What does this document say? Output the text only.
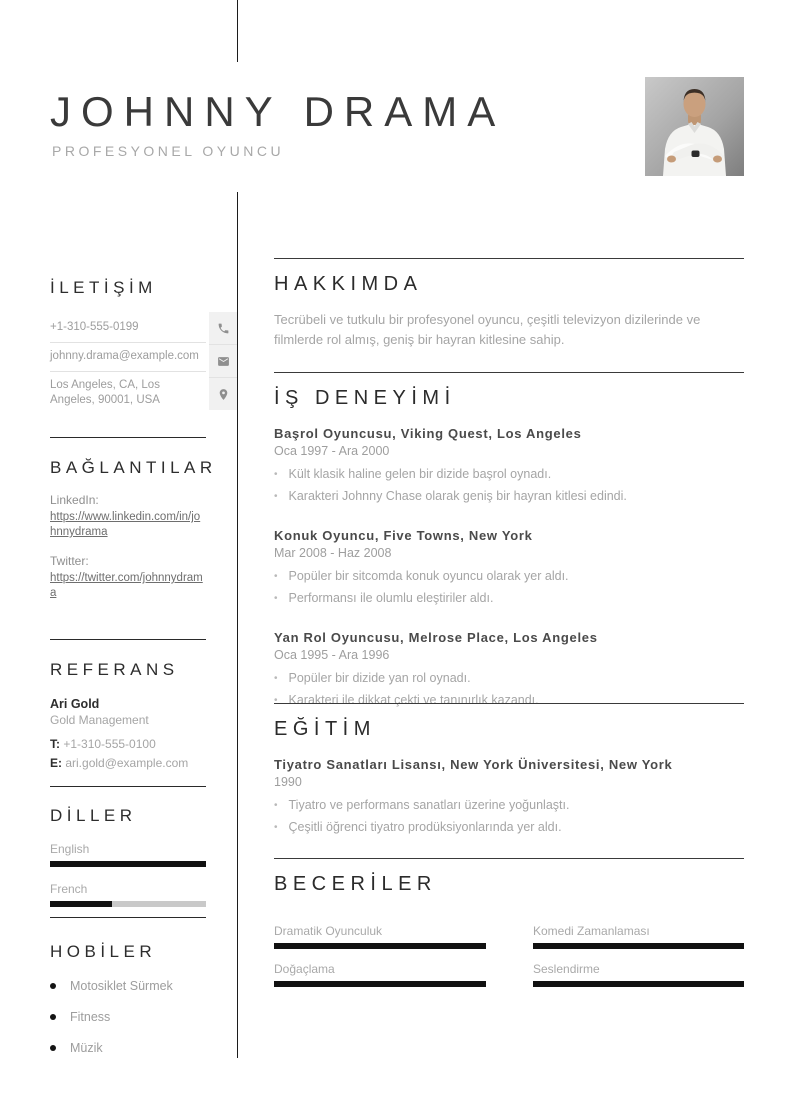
JOHNNY DRAMA
PROFESYONEL OYUNCU
İLETİŞİM
+1-310-555-0199
johnny.drama@example.com
Los Angeles, CA, Los Angeles, 90001, USA
BAĞLANTILAR
LinkedIn:
https://www.linkedin.com/in/johnnydrama
Twitter:
https://twitter.com/johnnydrama
REFERANS
Ari Gold
Gold Management
T: +1-310-555-0100
E: ari.gold@example.com
DİLLER
English
French
HOBİLER
Motosiklet Sürmek
Fitness
Müzik
HAKKIMDA

Tecrübeli ve tutkulu bir profesyonel oyuncu, çeşitli televizyon dizilerinde ve filmlerde rol almış, geniş bir hayran kitlesine sahip.

İŞ DENEYİMİ
Başrol Oyuncusu, Viking Quest, Los Angeles
Oca 1997 - Ara 2000
• Kült klasik haline gelen bir dizide başrol oynadı.
• Karakteri Johnny Chase olarak geniş bir hayran kitlesi edindi.
Konuk Oyuncu, Five Towns, New York
Mar 2008 - Haz 2008
• Popüler bir sitcomda konuk oyuncu olarak yer aldı.
• Performansı ile olumlu eleştiriler aldı.
Yan Rol Oyuncusu, Melrose Place, Los Angeles
Oca 1995 - Ara 1996
• Popüler bir dizide yan rol oynadı.
• Karakteri ile dikkat çekti ve tanınırlık kazandı.
EĞİTİM
Tiyatro Sanatları Lisansı, New York Üniversitesi, New York
1990
• Tiyatro ve performans sanatları üzerine yoğunlaştı.
• Çeşitli öğrenci tiyatro prodüksiyonlarında yer aldı.
BECERİLER
Dramatik Oyunculuk	Komedi Zamanlaması
Doğaçlama	Seslendirme
